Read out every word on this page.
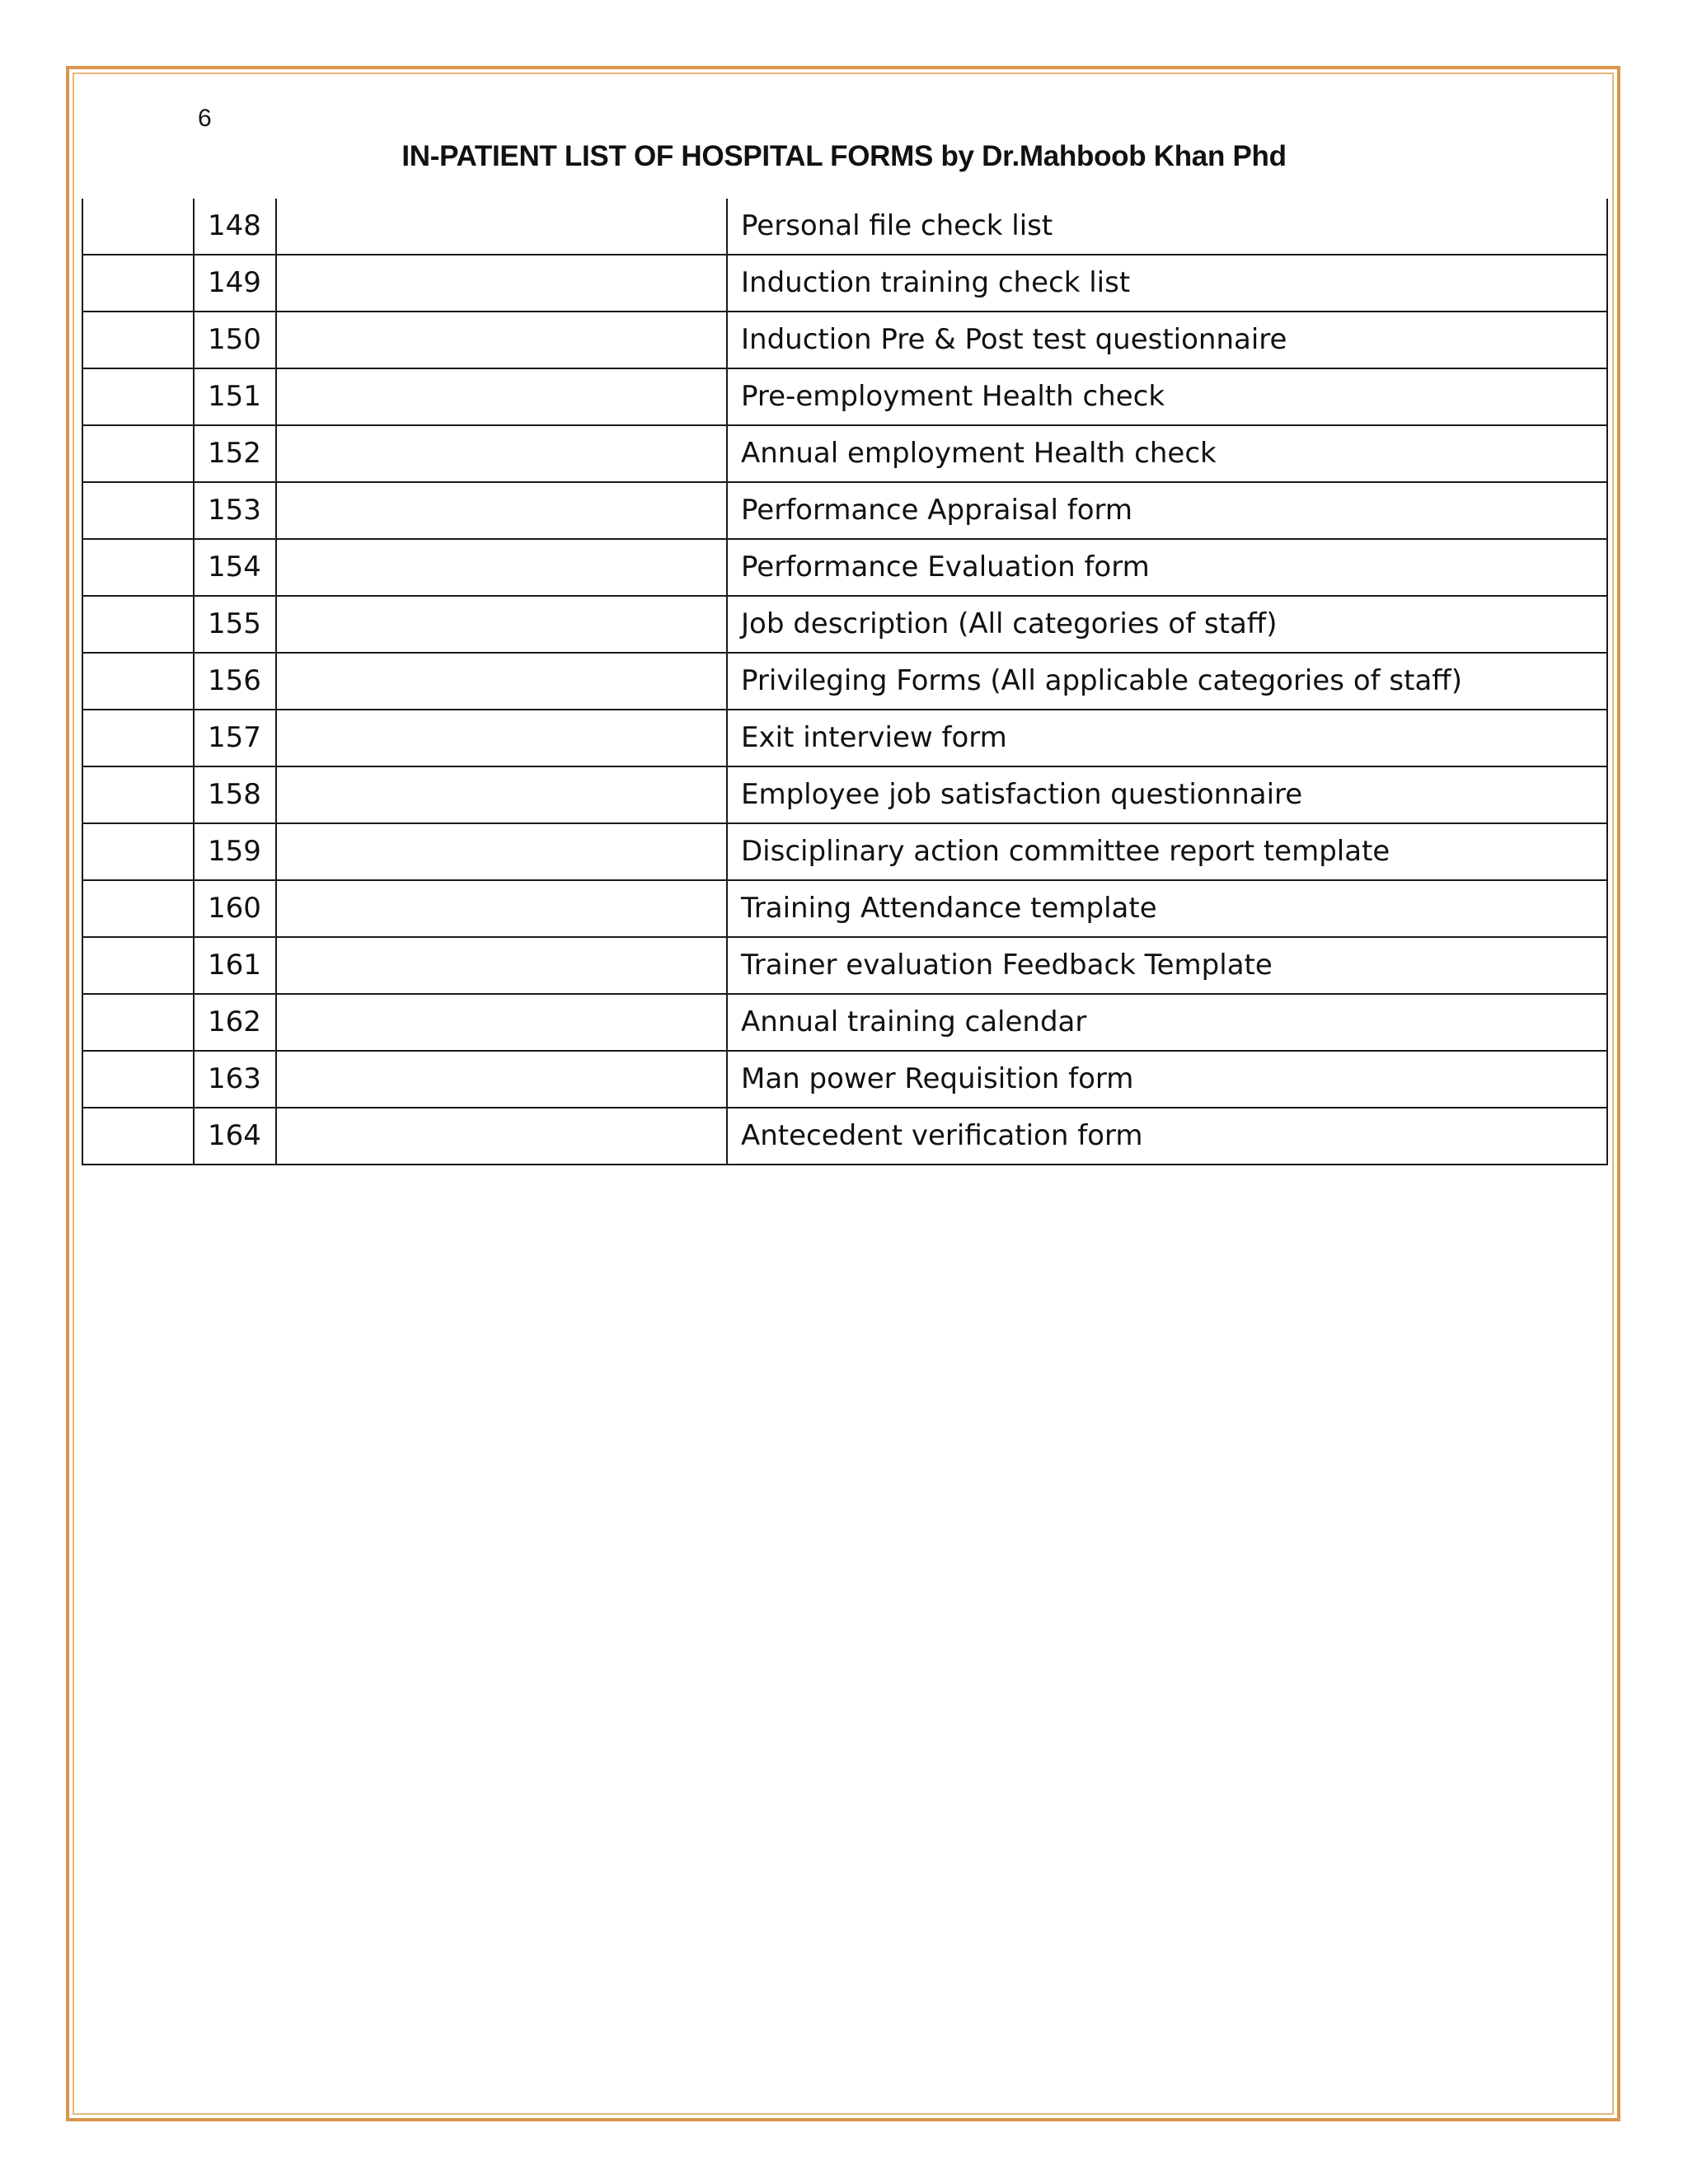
6
IN-PATIENT LIST OF HOSPITAL FORMS by Dr.Mahboob Khan Phd
	148		Personal file check list
	149		Induction training check list
	150		Induction Pre & Post test questionnaire
	151		Pre-employment Health check
	152		Annual employment Health check
	153		Performance Appraisal form
	154		Performance Evaluation form
	155		Job description (All categories of staff)
	156		Privileging Forms (All applicable categories of staff)
	157		Exit interview form
	158		Employee job satisfaction questionnaire
	159		Disciplinary action committee report template
	160		Training Attendance template
	161		Trainer evaluation Feedback Template
	162		Annual training calendar
	163		Man power Requisition form
	164		Antecedent verification form
